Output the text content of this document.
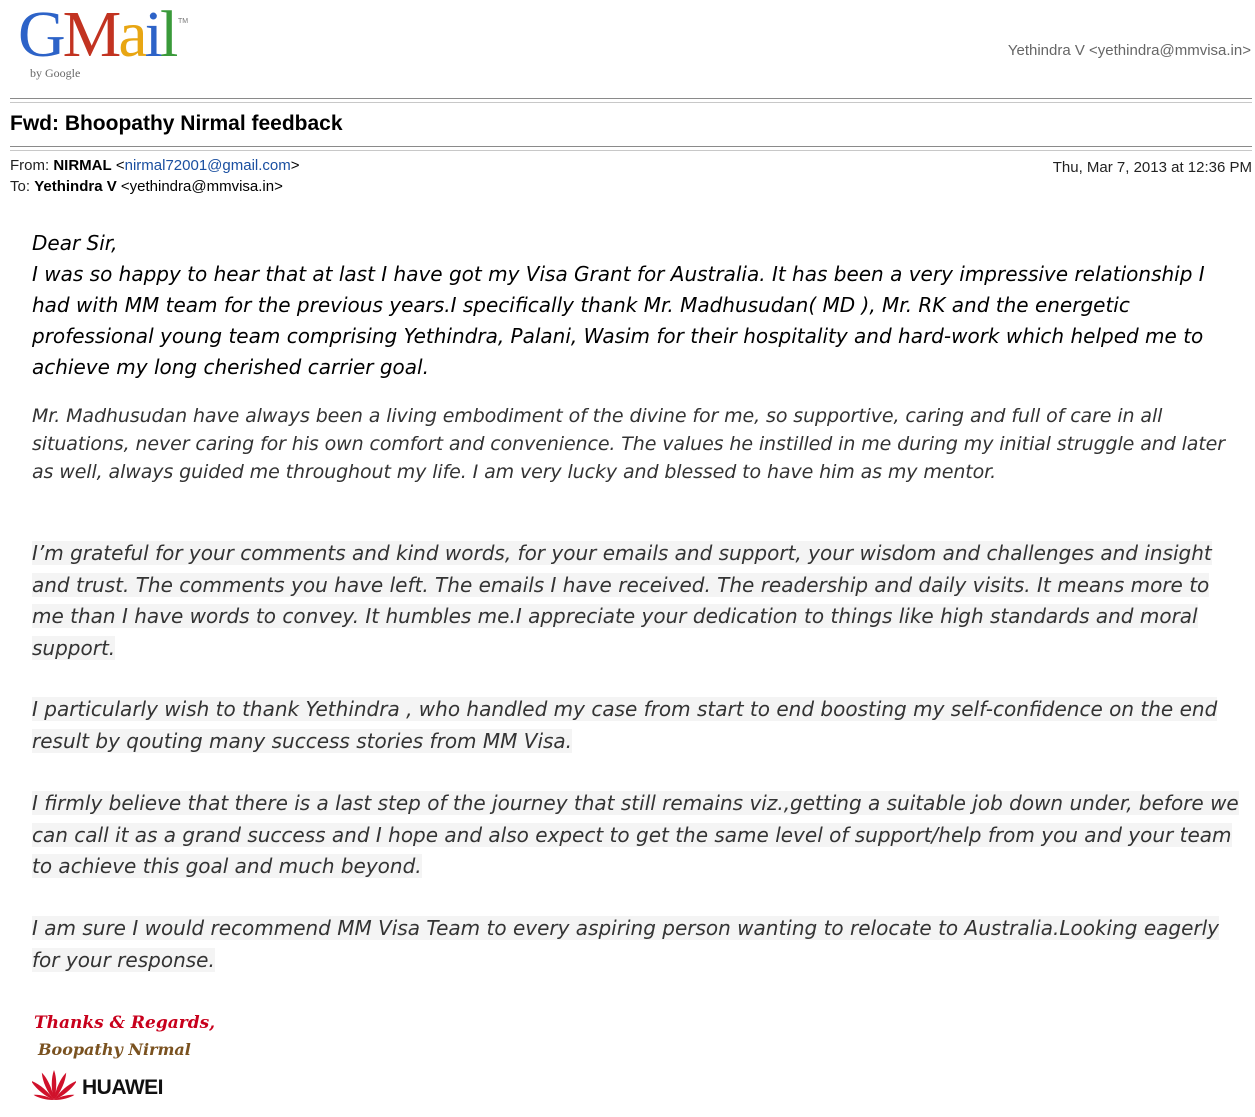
GMail
by Google
TM
Yethindra V <yethindra@mmvisa.in>
Fwd: Bhoopathy Nirmal feedback
From: NIRMAL <nirmal72001@gmail.com>
To: Yethindra V <yethindra@mmvisa.in>
Thu, Mar 7, 2013 at 12:36 PM
Dear Sir,
I was so happy to hear that at last I have got my Visa Grant for Australia. It has been a very impressive relationship I had with MM team for the previous years.I specifically thank Mr. Madhusudan( MD ), Mr. RK and the energetic professional young team comprising Yethindra, Palani, Wasim for their hospitality and hard-work which helped me to achieve my long cherished carrier goal.

Mr. Madhusudan have always been a living embodiment of the divine for me, so supportive, caring and full of care in all situations, never caring for his own comfort and convenience. The values he instilled in me during my initial struggle and later as well, always guided me throughout my life. I am very lucky and blessed to have him as my mentor.

I’m grateful for your comments and kind words, for your emails and support, your wisdom and challenges and insight and trust. The comments you have left. The emails I have received. The readership and daily visits. It means more to me than I have words to convey. It humbles me.I appreciate your dedication to things like high standards and moral support.

I particularly wish to thank Yethindra , who handled my case from start to end boosting my self-confidence on the end result by qouting many success stories from MM Visa.

I firmly believe that there is a last step of the journey that still remains viz.,getting a suitable job down under, before we can call it as a grand success and I hope and also expect to get the same level of support/help from you and your team to achieve this goal and much beyond.

I am sure I would recommend MM Visa Team to every aspiring person wanting to relocate to Australia.Looking eagerly for your response.

Thanks & Regards,
Boopathy Nirmal
HUAWEI
